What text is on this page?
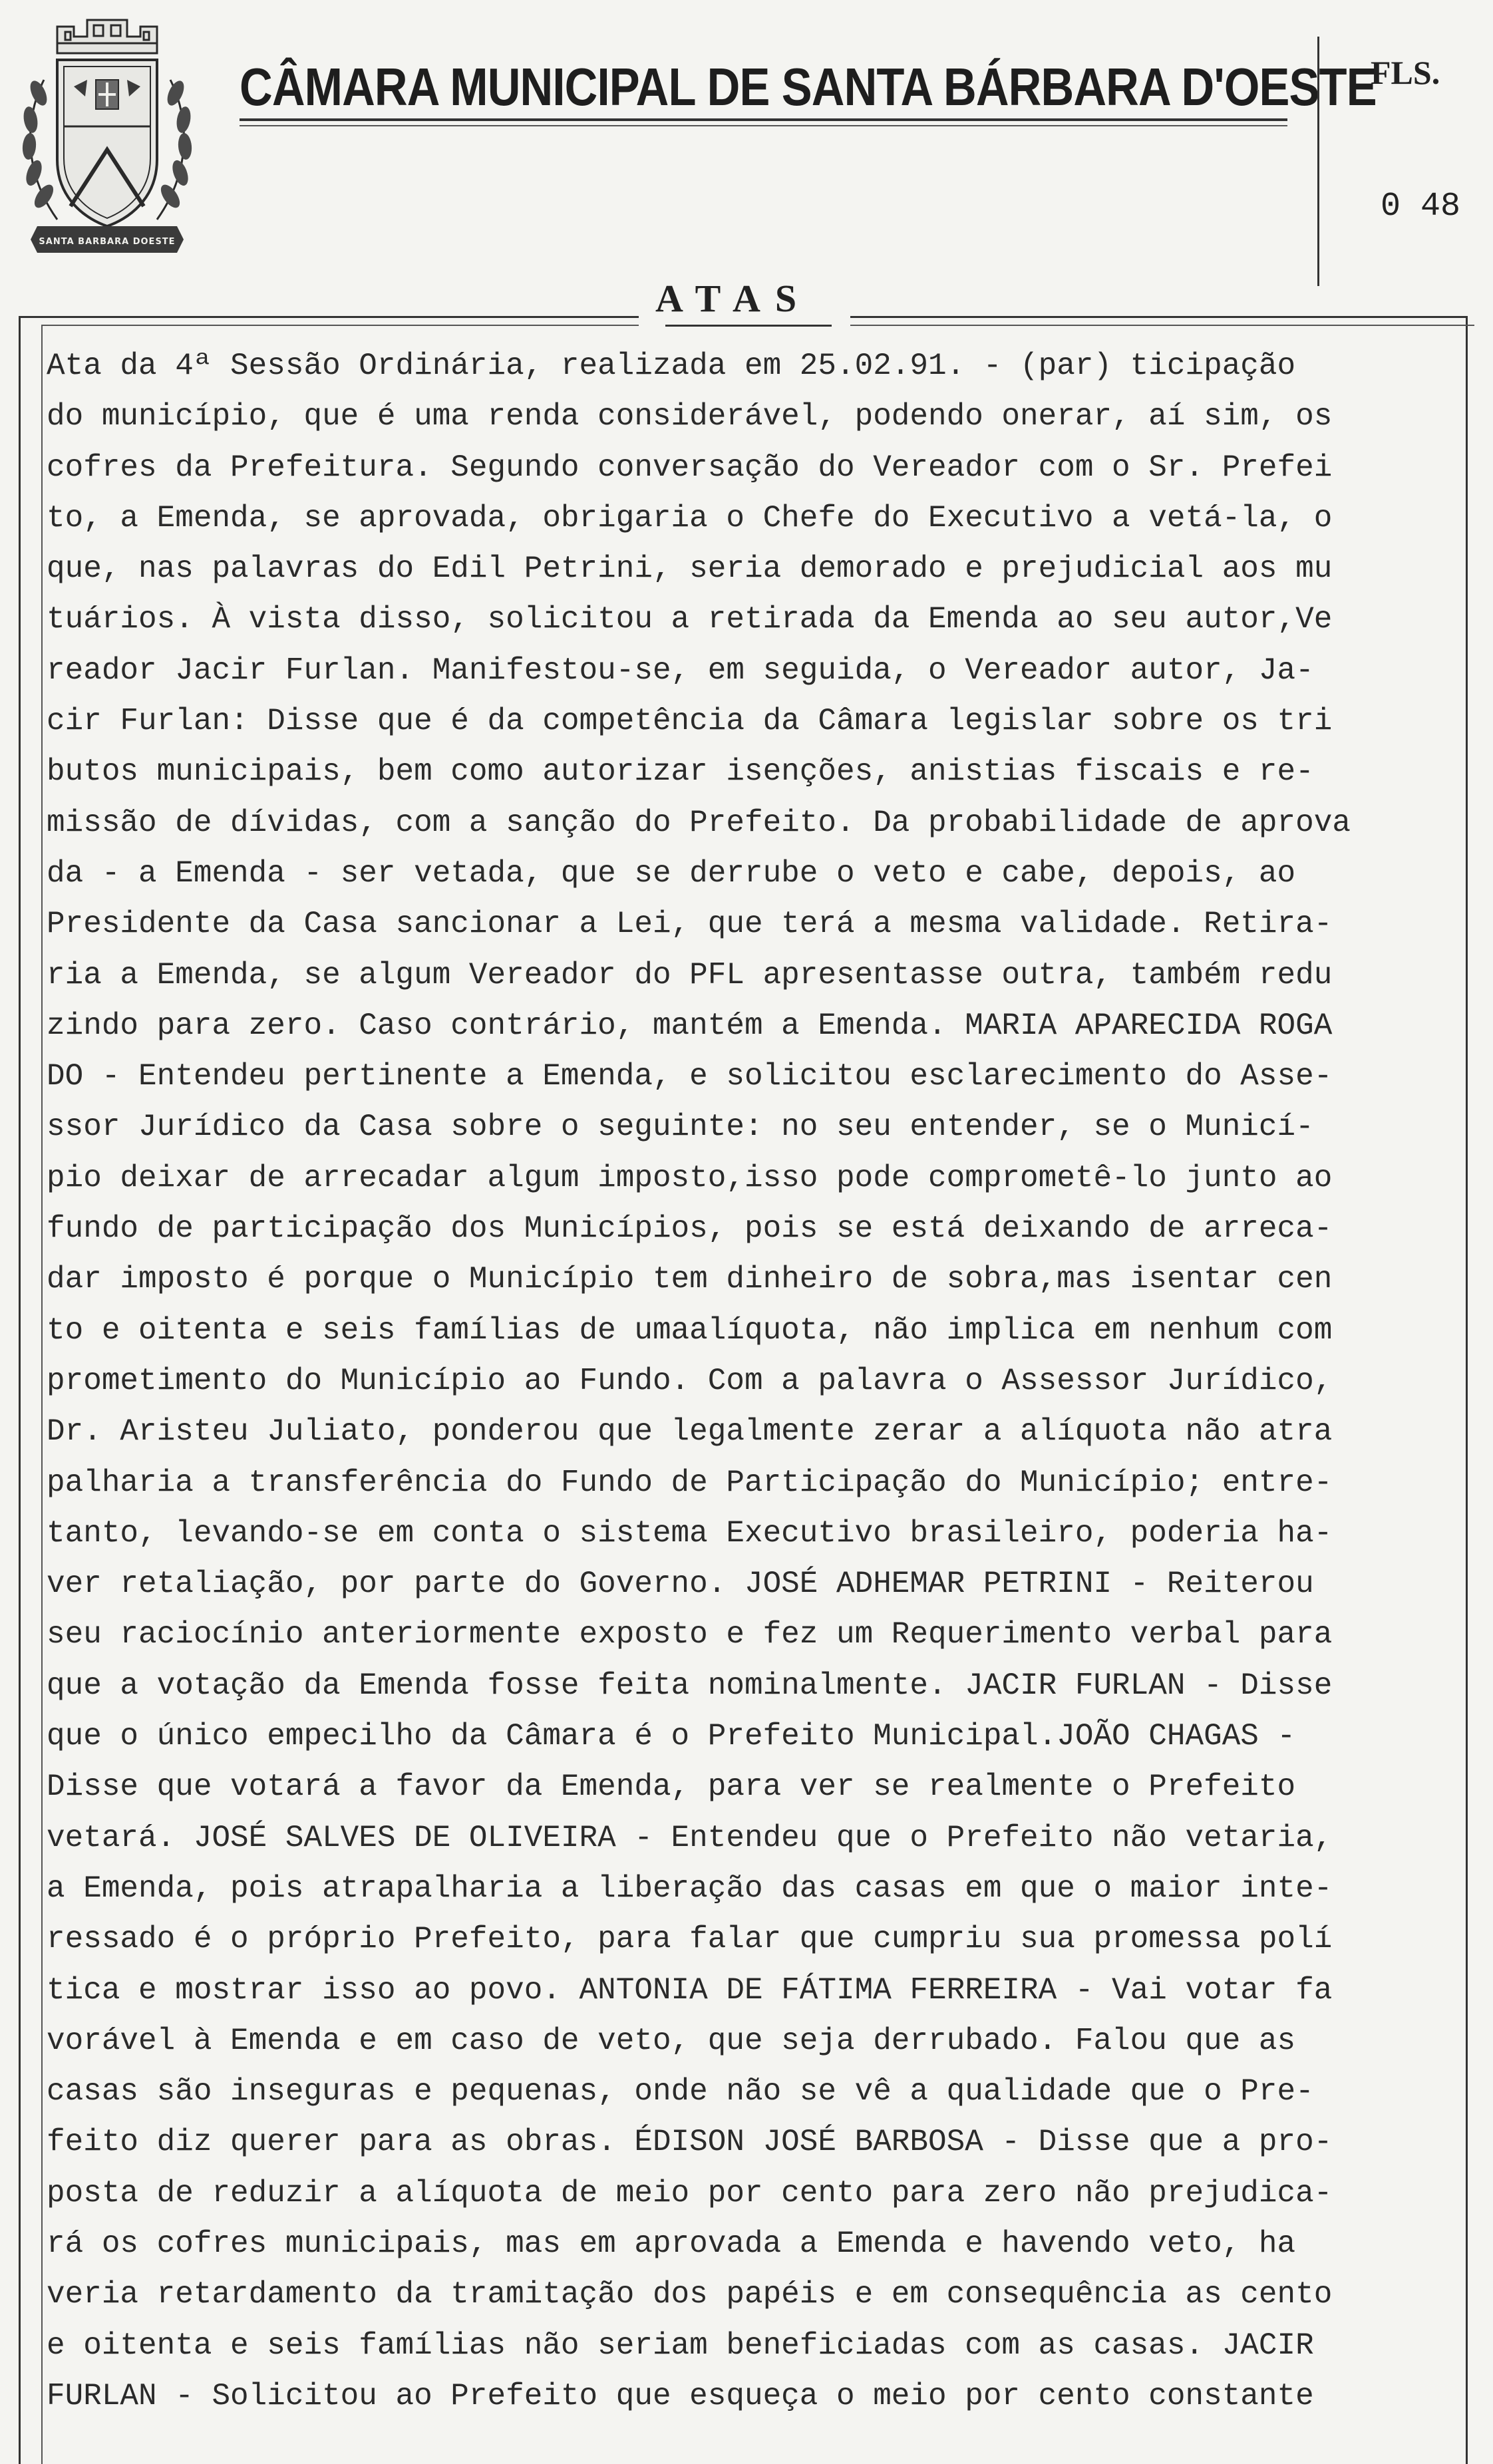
SANTA BARBARA DOESTE
CÂMARA MUNICIPAL DE SANTA BÁRBARA D'OESTE
FLS.
0 48
ATAS
Ata da 4ª Sessão Ordinária, realizada em 25.02.91. - (par) ticipação
do município, que é uma renda considerável, podendo onerar, aí sim, os
cofres da Prefeitura. Segundo conversação do Vereador com o Sr. Prefei
to, a Emenda, se aprovada, obrigaria o Chefe do Executivo a vetá-la, o
que, nas palavras do Edil Petrini, seria demorado e prejudicial aos mu
tuários. À vista disso, solicitou a retirada da Emenda ao seu autor,Ve
reador Jacir Furlan. Manifestou-se, em seguida, o Vereador autor, Ja-
cir Furlan: Disse que é da competência da Câmara legislar sobre os tri
butos municipais, bem como autorizar isenções, anistias fiscais e re-
missão de dívidas, com a sanção do Prefeito. Da probabilidade de aprova
da - a Emenda - ser vetada, que se derrube o veto e cabe, depois, ao
Presidente da Casa sancionar a Lei, que terá a mesma validade. Retira-
ria a Emenda, se algum Vereador do PFL apresentasse outra, também redu
zindo para zero. Caso contrário, mantém a Emenda. MARIA APARECIDA ROGA
DO - Entendeu pertinente a Emenda, e solicitou esclarecimento do Asse-
ssor Jurídico da Casa sobre o seguinte: no seu entender, se o Municí-
pio deixar de arrecadar algum imposto,isso pode comprometê-lo junto ao
fundo de participação dos Municípios, pois se está deixando de arreca-
dar imposto é porque o Município tem dinheiro de sobra,mas isentar cen
to e oitenta e seis famílias de umaalíquota, não implica em nenhum com
prometimento do Município ao Fundo. Com a palavra o Assessor Jurídico,
Dr. Aristeu Juliato, ponderou que legalmente zerar a alíquota não atra
palharia a transferência do Fundo de Participação do Município; entre-
tanto, levando-se em conta o sistema Executivo brasileiro, poderia ha-
ver retaliação, por parte do Governo. JOSÉ ADHEMAR PETRINI - Reiterou
seu raciocínio anteriormente exposto e fez um Requerimento verbal para
que a votação da Emenda fosse feita nominalmente. JACIR FURLAN - Disse
que o único empecilho da Câmara é o Prefeito Municipal.JOÃO CHAGAS -
Disse que votará a favor da Emenda, para ver se realmente o Prefeito
vetará. JOSÉ SALVES DE OLIVEIRA - Entendeu que o Prefeito não vetaria,
a Emenda, pois atrapalharia a liberação das casas em que o maior inte-
ressado é o próprio Prefeito, para falar que cumpriu sua promessa polí
tica e mostrar isso ao povo. ANTONIA DE FÁTIMA FERREIRA - Vai votar fa
vorável à Emenda e em caso de veto, que seja derrubado. Falou que as
casas são inseguras e pequenas, onde não se vê a qualidade que o Pre-
feito diz querer para as obras. ÉDISON JOSÉ BARBOSA - Disse que a pro-
posta de reduzir a alíquota de meio por cento para zero não prejudica-
rá os cofres municipais, mas em aprovada a Emenda e havendo veto, ha
veria retardamento da tramitação dos papéis e em consequência as cento
e oitenta e seis famílias não seriam beneficiadas com as casas. JACIR
FURLAN - Solicitou ao Prefeito que esqueça o meio por cento constante
